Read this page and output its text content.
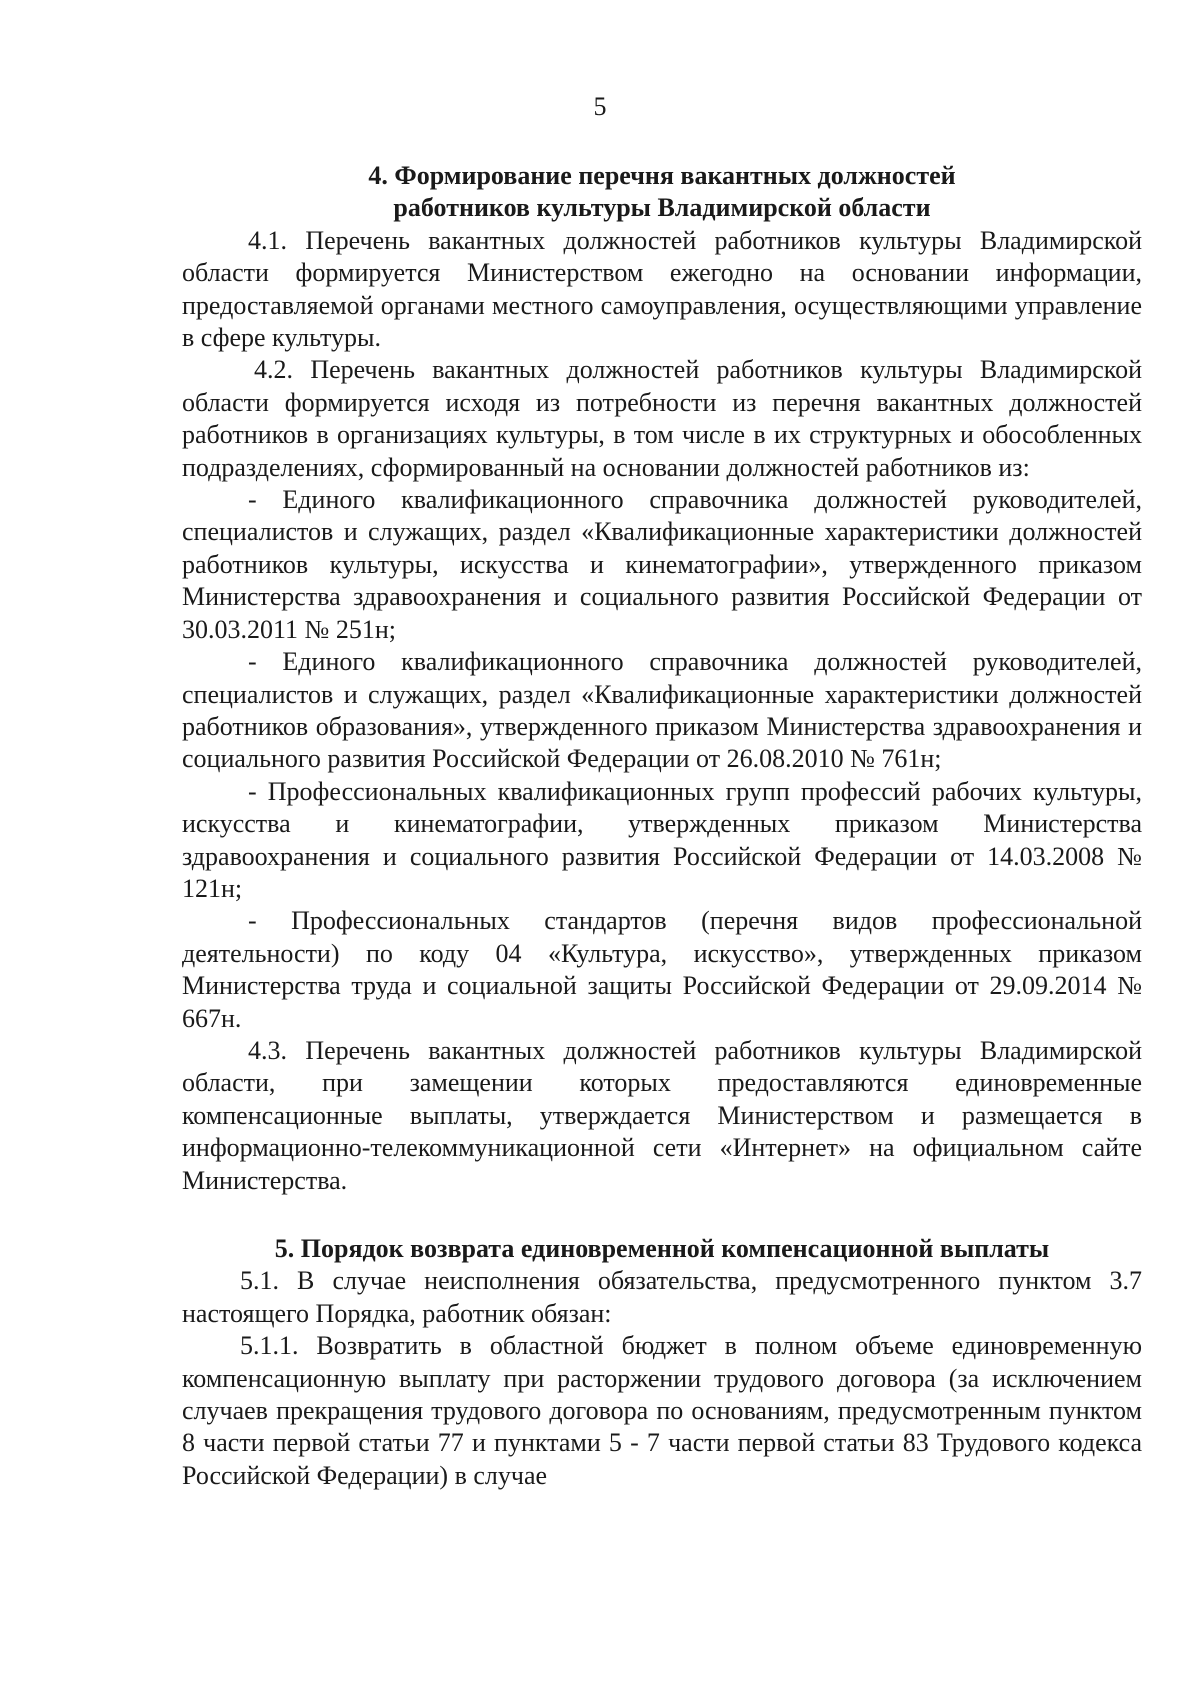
5

4. Формирование перечня вакантных должностей

работников культуры Владимирской области

4.1. Перечень вакантных должностей работников культуры Владимирской области формируется Министерством ежегодно на основании информации, предоставляемой органами местного самоуправления, осуществляющими управление в сфере культуры.

4.2. Перечень вакантных должностей работников культуры Владимирской области формируется исходя из потребности из перечня вакантных должностей работников в организациях культуры, в том числе в их структурных и обособленных подразделениях, сформированный на основании должностей работников из:

- Единого квалификационного справочника должностей руководителей, специалистов и служащих, раздел «Квалификационные характеристики должностей работников культуры, искусства и кинематографии», утвержденного приказом Министерства здравоохранения и социального развития Российской Федерации от 30.03.2011 № 251н;

- Единого квалификационного справочника должностей руководителей, специалистов и служащих, раздел «Квалификационные характеристики должностей работников образования», утвержденного приказом Министерства здравоохранения и социального развития Российской Федерации от 26.08.2010 № 761н;

- Профессиональных квалификационных групп профессий рабочих культуры, искусства и кинематографии, утвержденных приказом Министерства здравоохранения и социального развития Российской Федерации от 14.03.2008 № 121н;

- Профессиональных стандартов (перечня видов профессиональной деятельности) по коду 04 «Культура, искусство», утвержденных приказом Министерства труда и социальной защиты Российской Федерации от 29.09.2014 № 667н.

4.3. Перечень вакантных должностей работников культуры Владимирской области, при замещении которых предоставляются единовременные компенсационные выплаты, утверждается Министерством и размещается в информационно-телекоммуникационной сети «Интернет» на официальном сайте Министерства.

5. Порядок возврата единовременной компенсационной выплаты

5.1. В случае неисполнения обязательства, предусмотренного пунктом 3.7 настоящего Порядка, работник обязан:

5.1.1. Возвратить в областной бюджет в полном объеме единовременную компенсационную выплату при расторжении трудового договора (за исключением случаев прекращения трудового договора по основаниям, предусмотренным пунктом 8 части первой статьи 77 и пунктами 5 - 7 части первой статьи 83 Трудового кодекса Российской Федерации) в случае
